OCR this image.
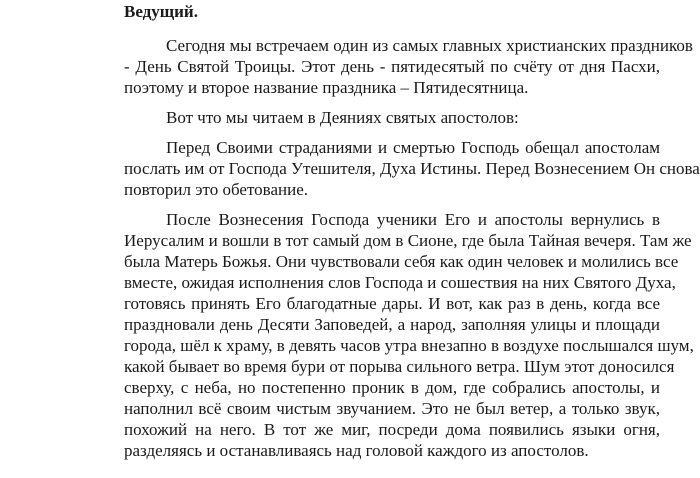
Ведущий.
Сегодня мы встречаем один из самых главных христианских праздников
- День Святой Троицы. Этот день - пятидесятый по счёту от дня Пасхи,
поэтому и второе название праздника – Пятидесятница.
Вот что мы читаем в Деяниях святых апостолов:
Перед Своими страданиями и смертью Господь обещал апостолам
послать им от Господа Утешителя, Духа Истины. Перед Вознесением Он снова
повторил это обетование.
После Вознесения Господа ученики Его и апостолы вернулись в
Иерусалим и вошли в тот самый дом в Сионе, где была Тайная вечеря. Там же
была Матерь Божья. Они чувствовали себя как один человек и молились все
вместе, ожидая исполнения слов Господа и сошествия на них Святого Духа,
готовясь принять Его благодатные дары. И вот, как раз в день, когда все
праздновали день Десяти Заповедей, а народ, заполняя улицы и площади
города, шёл к храму, в девять часов утра внезапно в воздухе послышался шум,
какой бывает во время бури от порыва сильного ветра. Шум этот доносился
сверху, с неба, но постепенно проник в дом, где собрались апостолы, и
наполнил всё своим чистым звучанием. Это не был ветер, а только звук,
похожий на него. В тот же миг, посреди дома появились языки огня,
разделяясь и останавливаясь над головой каждого из апостолов.
